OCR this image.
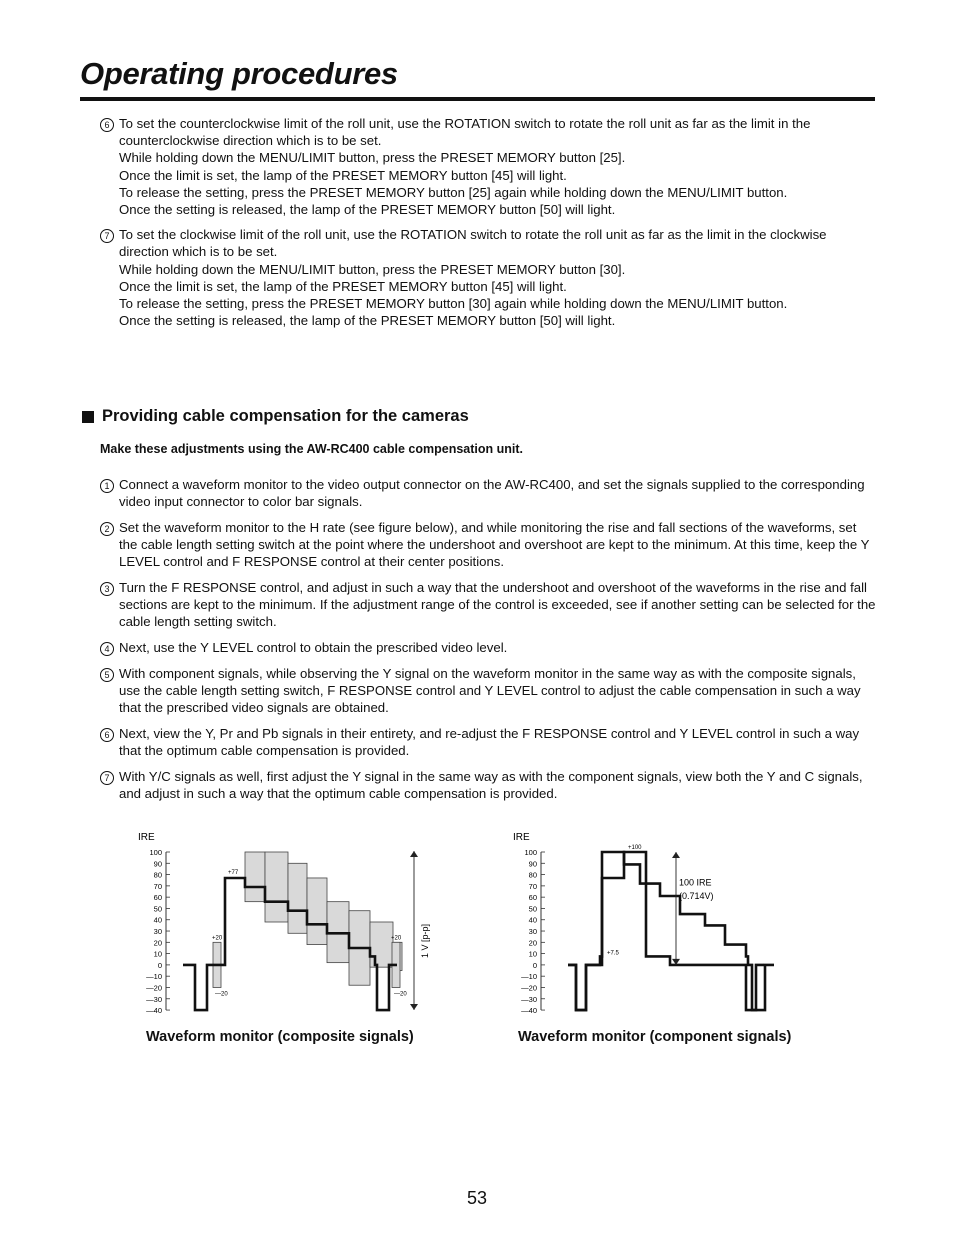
Operating procedures
6 To set the counterclockwise limit of the roll unit, use the ROTATION switch to rotate the roll unit as far as the limit in the counterclockwise direction which is to be set.
While holding down the MENU/LIMIT button, press the PRESET MEMORY button [25].
Once the limit is set, the lamp of the PRESET MEMORY button [45] will light.
To release the setting, press the PRESET MEMORY button [25] again while holding down the MENU/LIMIT button.
Once the setting is released, the lamp of the PRESET MEMORY button [50] will light.
7 To set the clockwise limit of the roll unit, use the ROTATION switch to rotate the roll unit as far as the limit in the clockwise direction which is to be set.
While holding down the MENU/LIMIT button, press the PRESET MEMORY button [30].
Once the limit is set, the lamp of the PRESET MEMORY button [45] will light.
To release the setting, press the PRESET MEMORY button [30] again while holding down the MENU/LIMIT button.
Once the setting is released, the lamp of the PRESET MEMORY button [50] will light.
Providing cable compensation for the cameras
Make these adjustments using the AW-RC400 cable compensation unit.
1 Connect a waveform monitor to the video output connector on the AW-RC400, and set the signals supplied to the corresponding video input connector to color bar signals.
2 Set the waveform monitor to the H rate (see figure below), and while monitoring the rise and fall sections of the waveforms, set the cable length setting switch at the point where the undershoot and overshoot are kept to the minimum. At this time, keep the Y LEVEL control and F RESPONSE control at their center positions.
3 Turn the F RESPONSE control, and adjust in such a way that the undershoot and overshoot of the waveforms in the rise and fall sections are kept to the minimum. If the adjustment range of the control is exceeded, see if another setting can be selected for the cable length setting switch.
4 Next, use the Y LEVEL control to obtain the prescribed video level.
5 With component signals, while observing the Y signal on the waveform monitor in the same way as with the composite signals, use the cable length setting switch, F RESPONSE control and Y LEVEL control to adjust the cable compensation in such a way that the prescribed video signals are obtained.
6 Next, view the Y, Pr and Pb signals in their entirety, and re-adjust the F RESPONSE control and Y LEVEL control in such a way that the optimum cable compensation is provided.
7 With Y/C signals as well, first adjust the Y signal in the same way as with the component signals, view both the Y and C signals, and adjust in such a way that the optimum cable compensation is provided.
IRE
100
90
80
70
60
50
40
30
20
10
0
—10
—20
—30
—40
+77
+20
—20
+20
—20
1 V [p-p]
Waveform monitor (composite signals)
IRE
100
90
80
70
60
50
40
30
20
10
0
—10
—20
—30
—40
100 IRE
(0.714V)
+100
+7.5
Waveform monitor (component signals)
53
